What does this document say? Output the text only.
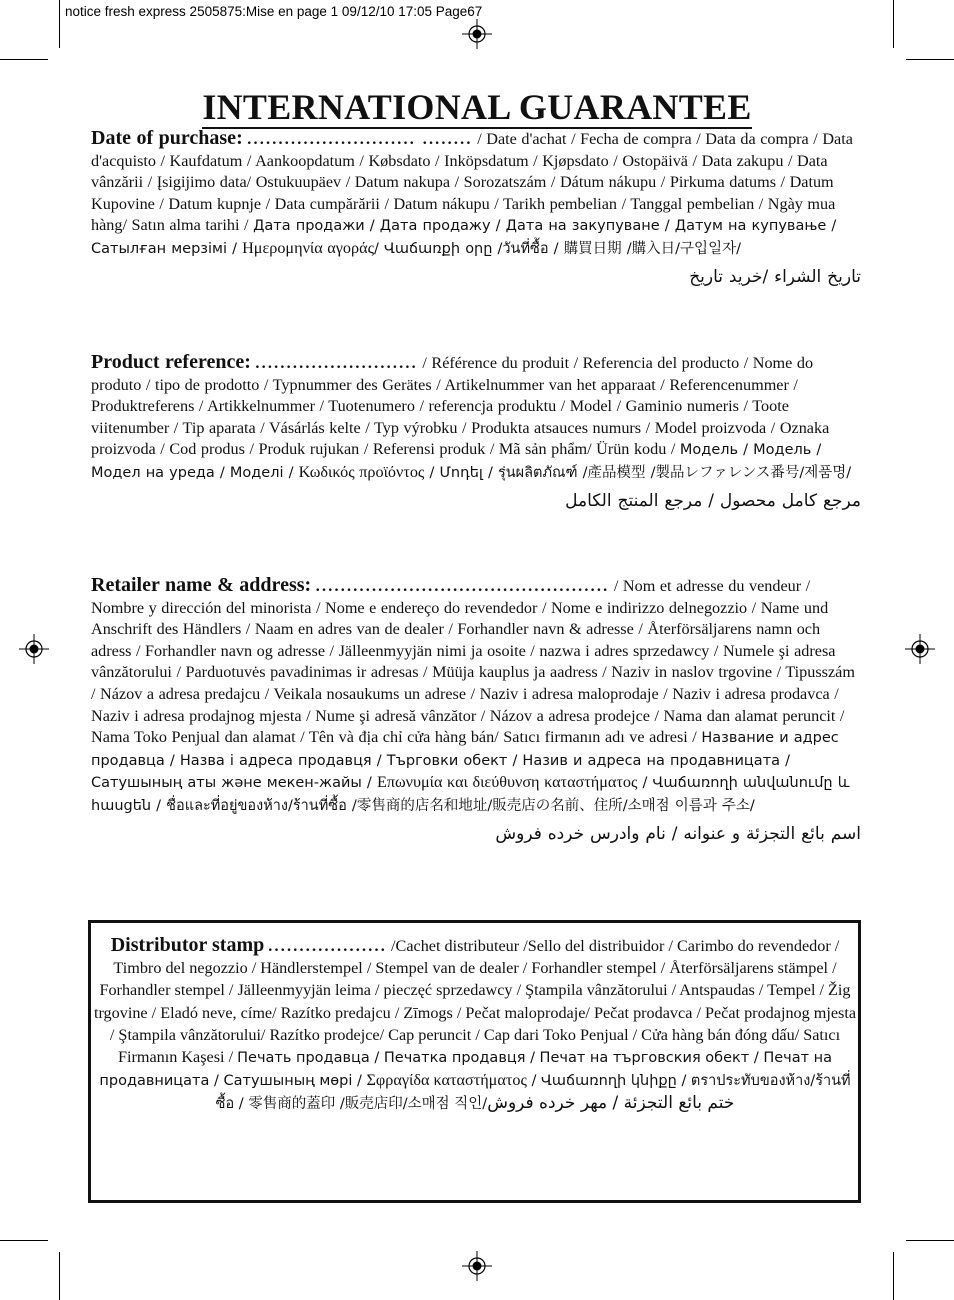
notice fresh express 2505875:Mise en page 1 09/12/10 17:05 Page67
INTERNATIONAL GUARANTEE
Date of purchase: ........................... ........ / Date d'achat / Fecha de compra / Data da compra / Data d'acquisto / Kaufdatum / Aankoopdatum / Købsdato / Inköpsdatum / Kjøpsdato / Ostopäivä / Data zakupu / Data vânzării / Įsigijimo data/ Ostukuupäev / Datum nakupa / Sorozatszám / Dátum nákupu / Pirkuma datums / Datum Kupovine / Datum kupnje / Data cumpărării / Datum nákupu / Tarikh pembelian / Tanggal pembelian / Ngày mua hàng/ Satın alma tarihi / Дата продажи / Дата продажу / Дата на закупуване / Датум на купување / Сатылған мерзімі / Ημερομηνία αγοράς/ Վաճառքի օրը /วันที่ซื้อ / 購買日期 /購入日/구입일자/
تاريخ الشراء /خريد تاريخ
Product reference: .......................... / Référence du produit / Referencia del producto / Nome do produto / tipo de prodotto / Typnummer des Gerätes / Artikelnummer van het apparaat / Referencenummer / Produktreferens / Artikkelnummer / Tuotenumero / referencja produktu / Model / Gaminio numeris / Toote viitenumber / Tip aparata / Vásárlás kelte / Typ výrobku / Produkta atsauces numurs / Model proizvoda / Oznaka proizvoda / Cod produs / Produk rujukan / Referensi produk / Mã sản phẩm/ Ürün kodu / Модель / Модель / Модел на уреда / Моделі / Κωδικός προϊόντος / Մոդել / รุ่นผลิตภัณฑ์ /產品模型 /製品レファレンス番号/제품명/
مرجع كامل محصول / مرجع المنتج الكامل
Retailer name & address: ............................................... / Nom et adresse du vendeur / Nombre y dirección del minorista / Nome e endereço do revendedor / Nome e indirizzo delnegozzio / Name und Anschrift des Händlers / Naam en adres van de dealer / Forhandler navn & adresse / Återförsäljarens namn och adress / Forhandler navn og adresse / Jälleenmyyjän nimi ja osoite / nazwa i adres sprzedawcy / Numele şi adresa vânzătorului / Parduotuvės pavadinimas ir adresas / Müüja kauplus ja aadress / Naziv in naslov trgovine / Tipusszám / Názov a adresa predajcu / Veikala nosaukums un adrese / Naziv i adresa maloprodaje / Naziv i adresa prodavca / Naziv i adresa prodajnog mjesta / Nume şi adresă vânzător / Názov a adresa prodejce / Nama dan alamat peruncit / Nama Toko Penjual dan alamat / Tên và địa chỉ cửa hàng bán/ Satıcı firmanın adı ve adresi / Название и адрес продавца / Назва і адреса продавця / Търговки обект / Назив и адреса на продавницата / Сатушының аты және мекен-жайы / Επωνυμία και διεύθυνση καταστήματος / Վաճառողի անվանումը և հասցեն / ชื่อและที่อยู่ของห้าง/ร้านที่ซื้อ /零售商的店名和地址/販売店の名前、住所/소매점 이름과 주소/
اسم بائع التجزئة و عنوانه / نام وادرس خرده فروش
Distributor stamp ................... /Cachet distributeur /Sello del distribuidor / Carimbo do revendedor / Timbro del negozzio / Händlerstempel / Stempel van de dealer / Forhandler stempel / Återförsäljarens stämpel / Forhandler stempel / Jälleenmyyjän leima / pieczęć sprzedawcy / Ştampila vânzătorului / Antspaudas / Tempel / Žig trgovine / Eladó neve, címe/ Razítko predajcu / Zīmogs / Pečat maloprodaje/ Pečat prodavca / Pečat prodajnog mjesta / Ştampila vânzătorului/ Razítko prodejce/ Cap peruncit / Cap dari Toko Penjual / Cửa hàng bán đóng dấu/ Satıcı Firmanın Kaşesi / Печать продавца / Печатка продавця / Печат на търговския обект / Печат на продавницата / Сатушының мөрі / Σφραγίδα καταστήματος / Վաճառողի կնիքը / ตราประทับของห้าง/ร้านที่ซื้อ / 零售商的蓋印 /販売店印/소매점 직인/ختم بائع التجزئة / مهر خرده فروش
